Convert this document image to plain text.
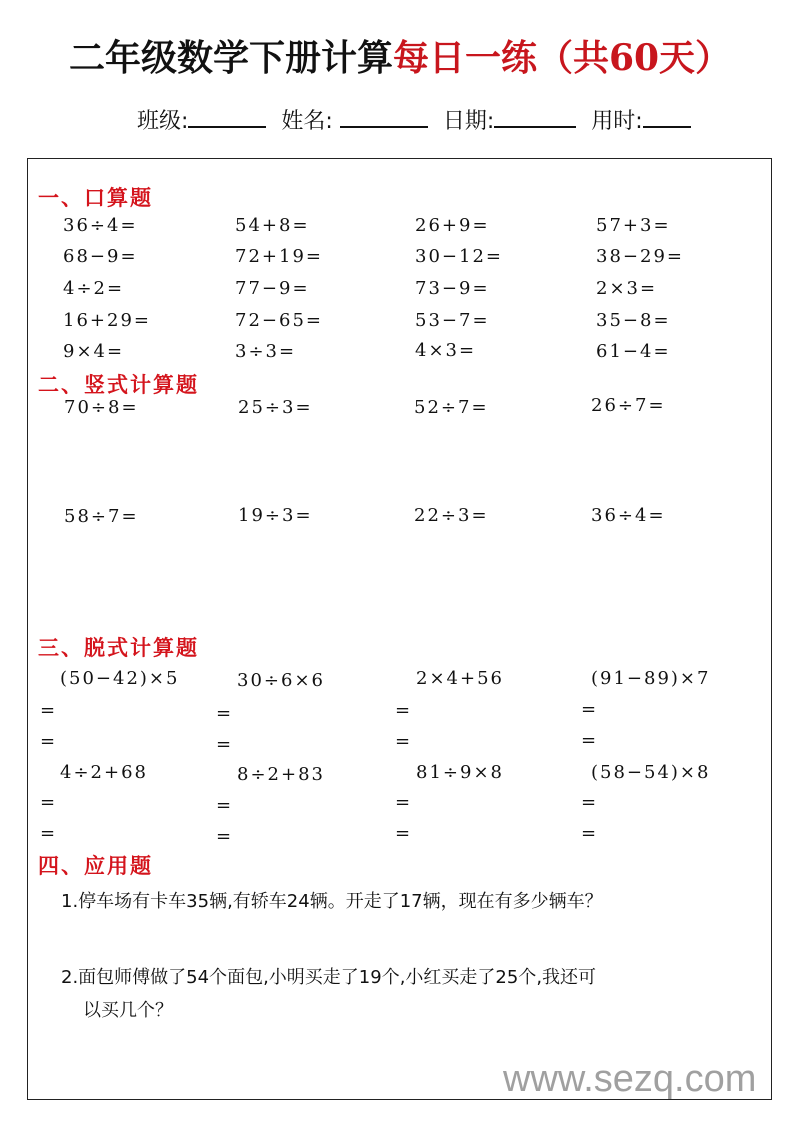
二年级数学下册计算每日一练（共60天）
班级:	姓名:	日期:	用时:
一、口算题
36÷4=	54+8=	26+9=	57+3=
68−9=	72+19=	30−12=	38−29=
4÷2=	77−9=	73−9=	2×3=
16+29=	72−65=	53−7=	35−8=
9×4=	3÷3=	4×3=	61−4=
二、竖式计算题
70÷8=	25÷3=	52÷7=	26÷7=
58÷7=	19÷3=	22÷3=	36÷4=
三、脱式计算题
(50−42)×5	30÷6×6	2×4+56	(91−89)×7
=	=	=	=
=	=	=	=
4÷2+68	8÷2+83	81÷9×8	(58−54)×8
=	=	=	=
=	=	=	=
四、应用题
1.停车场有卡车35辆,有轿车24辆。开走了17辆，现在有多少辆车？
2.面包师傅做了54个面包,小明买走了19个,小红买走了25个,我还可
以买几个？
www.sezq.com
